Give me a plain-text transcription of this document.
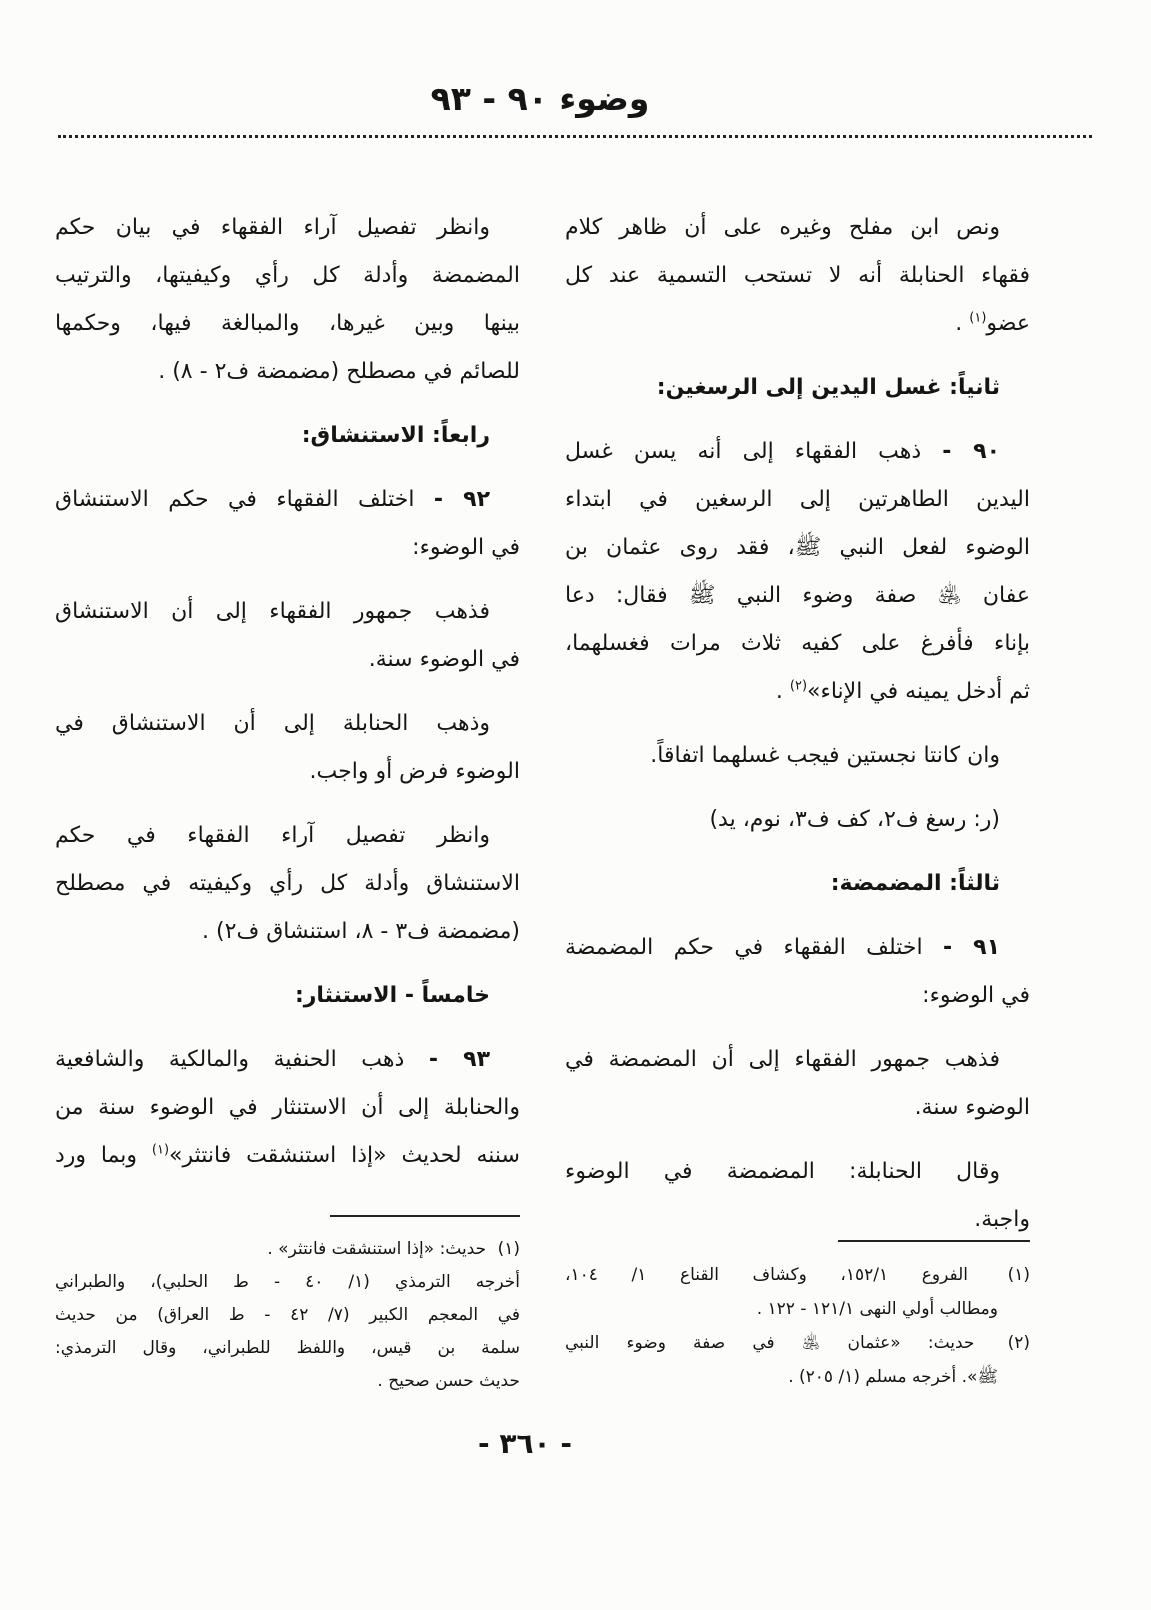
وضوء ٩٠ - ٩٣
ونص ابن مفلح وغيره على أن ظاهر كلام
فقهاء الحنابلة أنه لا تستحب التسمية عند كل
عضو$^{(١)}$ .
ثانياً: غسل اليدين إلى الرسغين:
٩٠ - ذهب الفقهاء إلى أنه يسن غسل
اليدين الطاهرتين إلى الرسغين في ابتداء
الوضوء لفعل النبي ﷺ، فقد روى عثمان بن
عفان ﵁ صفة وضوء النبي ﷺ فقال: دعا
بإناء فأفرغ على كفيه ثلاث مرات فغسلهما،
ثم أدخل يمينه في الإناء»$^{(٢)}$ .
وان كانتا نجستين فيجب غسلهما اتفاقاً.
(ر: رسغ ف٢، كف ف٣، نوم، يد)
ثالثاً: المضمضة:
٩١ - اختلف الفقهاء في حكم المضمضة
في الوضوء:
فذهب جمهور الفقهاء إلى أن المضمضة في
الوضوء سنة.
وقال الحنابلة: المضمضة في الوضوء
واجبة.
وانظر تفصيل آراء الفقهاء في بيان حكم
المضمضة وأدلة كل رأي وكيفيتها، والترتيب
بينها وبين غيرها، والمبالغة فيها، وحكمها
للصائم في مصطلح (مضمضة ف٢ - ٨) .
رابعاً: الاستنشاق:
٩٢ - اختلف الفقهاء في حكم الاستنشاق
في الوضوء:
فذهب جمهور الفقهاء إلى أن الاستنشاق
في الوضوء سنة.
وذهب الحنابلة إلى أن الاستنشاق في
الوضوء فرض أو واجب.
وانظر تفصيل آراء الفقهاء في حكم
الاستنشاق وأدلة كل رأي وكيفيته في مصطلح
(مضمضة ف٣ - ٨، استنشاق ف٢) .
خامساً - الاستنثار:
٩٣ - ذهب الحنفية والمالكية والشافعية
والحنابلة إلى أن الاستنثار في الوضوء سنة من
سننه لحديث «إذا استنشقت فانتثر»$^{(١)}$ وبما ورد
(١) الفروع ١٥٢/١، وكشاف القناع ١/ ١٠٤،
ومطالب أولي النهى ١٢١/١ - ١٢٢ .
(٢) حديث: «عثمان ﵁ في صفة وضوء النبي
ﷺ». أخرجه مسلم (١/ ٢٠٥) .
(١) حديث: «إذا استنشقت فانتثر» .
أخرجه الترمذي (١/ ٤٠ - ط الحلبي)، والطبراني
في المعجم الكبير (٧/ ٤٢ - ط العراق) من حديث
سلمة بن قيس، واللفظ للطبراني، وقال الترمذي:
حديث حسن صحيح .
- ٣٦٠ -
